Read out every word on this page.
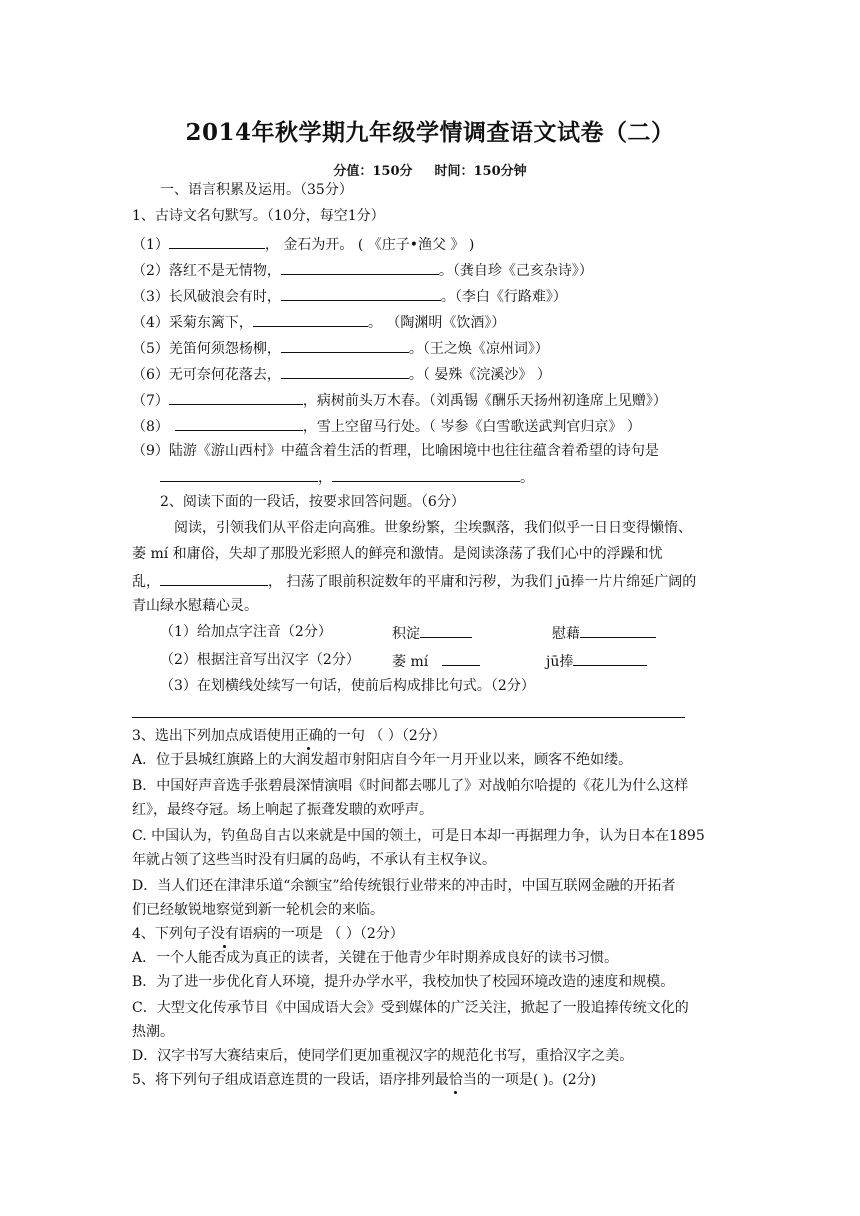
2014年秋学期九年级学情调查语文试卷（二）
分值：150分 时间：150分钟
一、语言积累及运用。（35分）
1、古诗文名句默写。（10分，每空1分）
（1）	， 金石为开。 ( 《庄子•渔父 》 )
（2）落红不是无情物，	。（龚自珍《己亥杂诗》）
（3）长风破浪会有时，	。（李白《行路难》）
（4）采菊东篱下，	。 （陶渊明《饮酒》）
（5）羌笛何须怨杨柳，	。（王之焕《凉州词》）
（6）无可奈何花落去，	。（ 晏殊《浣溪沙》 ）
（7）	，病树前头万木春。（刘禹锡《酬乐天扬州初逢席上见赠》）
（8）	，雪上空留马行处。（ 岑参《白雪歌送武判官归京》 ）
（9）陆游《游山西村》中蕴含着生活的哲理，比喻困境中也往往蕴含着希望的诗句是
，	。
2、阅读下面的一段话，按要求回答问题。（6分）
阅读，引领我们从平俗走向高雅。世象纷繁，尘埃飘落，我们似乎一日日变得懒惰、
萎 mí 和庸俗，失却了那股光彩照人的鲜亮和激情。是阅读涤荡了我们心中的浮躁和忧
乱，	， 扫荡了眼前积淀数年的平庸和污秽，为我们 jū捧一片片绵延广阔的
青山绿水慰藉心灵。
（1）给加点字注音（2分）	积淀	慰藉
（2）根据注音写出汉字（2分） 萎 mí	jū捧
（3）在划横线处续写一句话，使前后构成排比句式。（2分）
3、选出下列加点成语使用正确的一句 （ ）（2分）
A．位于县城红旗路上的大润发超市射阳店自今年一月开业以来，顾客不绝如缕。
B．中国好声音选手张碧晨深情演唱《时间都去哪儿了》对战帕尔哈提的《花儿为什么这样
红》，最终夺冠。场上响起了振聋发聩的欢呼声。
C. 中国认为，钓鱼岛自古以来就是中国的领土，可是日本却一再据理力争，认为日本在1895
年就占领了这些当时没有归属的岛屿，不承认有主权争议。
D．当人们还在津津乐道“余额宝”给传统银行业带来的冲击时，中国互联网金融的开拓者
们已经敏锐地察觉到新一轮机会的来临。
4、下列句子没有语病的一项是 （ ）（2分）
A．一个人能否成为真正的读者，关键在于他青少年时期养成良好的读书习惯。
B．为了进一步优化育人环境，提升办学水平，我校加快了校园环境改造的速度和规模。
C．大型文化传承节目《中国成语大会》受到媒体的广泛关注，掀起了一股追捧传统文化的
热潮。
D．汉字书写大赛结束后，使同学们更加重视汉字的规范化书写，重拾汉字之美。
5、将下列句子组成语意连贯的一段话，语序排列最恰当的一项是( )。(2分)
